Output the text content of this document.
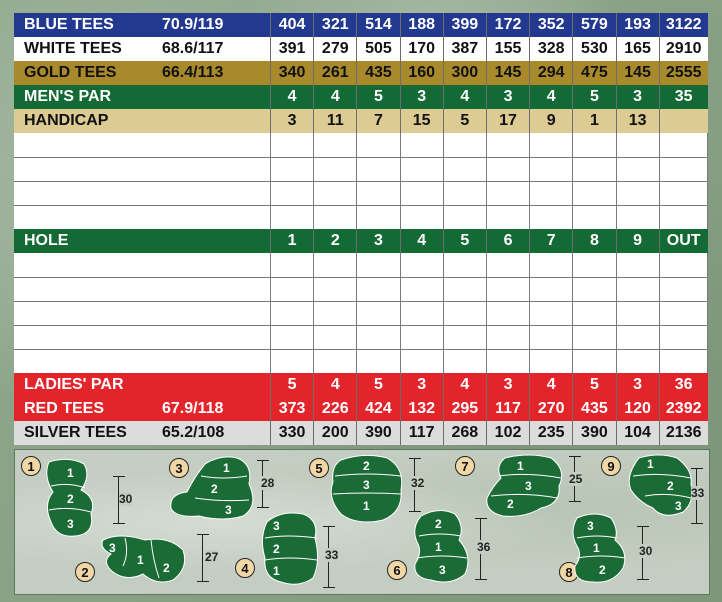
BLUE TEES	70.9/119	404	321	514	188	399	172	352	579	193 3122
WHITE TEES	68.6/117	391	279	505	170	387	155	328	530	165 2910
GOLD TEES	66.4/113	340	261	435	160	300	145	294	475	145 2555
MEN'S PAR	4	4	5	3	4	3	4	5	3	35
HANDICAP	3	11	7	15	5	17	9	1	13
HOLE	1	2	3	4	5	6	7	8	9	OUT
LADIES' PAR	5	4	5	3	4	3	4	5	3	36
RED TEES	67.9/118	373	226	424	132	295	117	270	435	120 2392
SILVER TEES	65.2/108	330	200	390	117	268	102	235	390	104 2136
1	1
2
3
30
2
3
1
2
27
3	1
2
3
28
4
3
2
1
33
5	2
3
1
32
6
2
1
3
36
7	1
3
2
25
8
3
1
2
30
9	1
2
3
33
